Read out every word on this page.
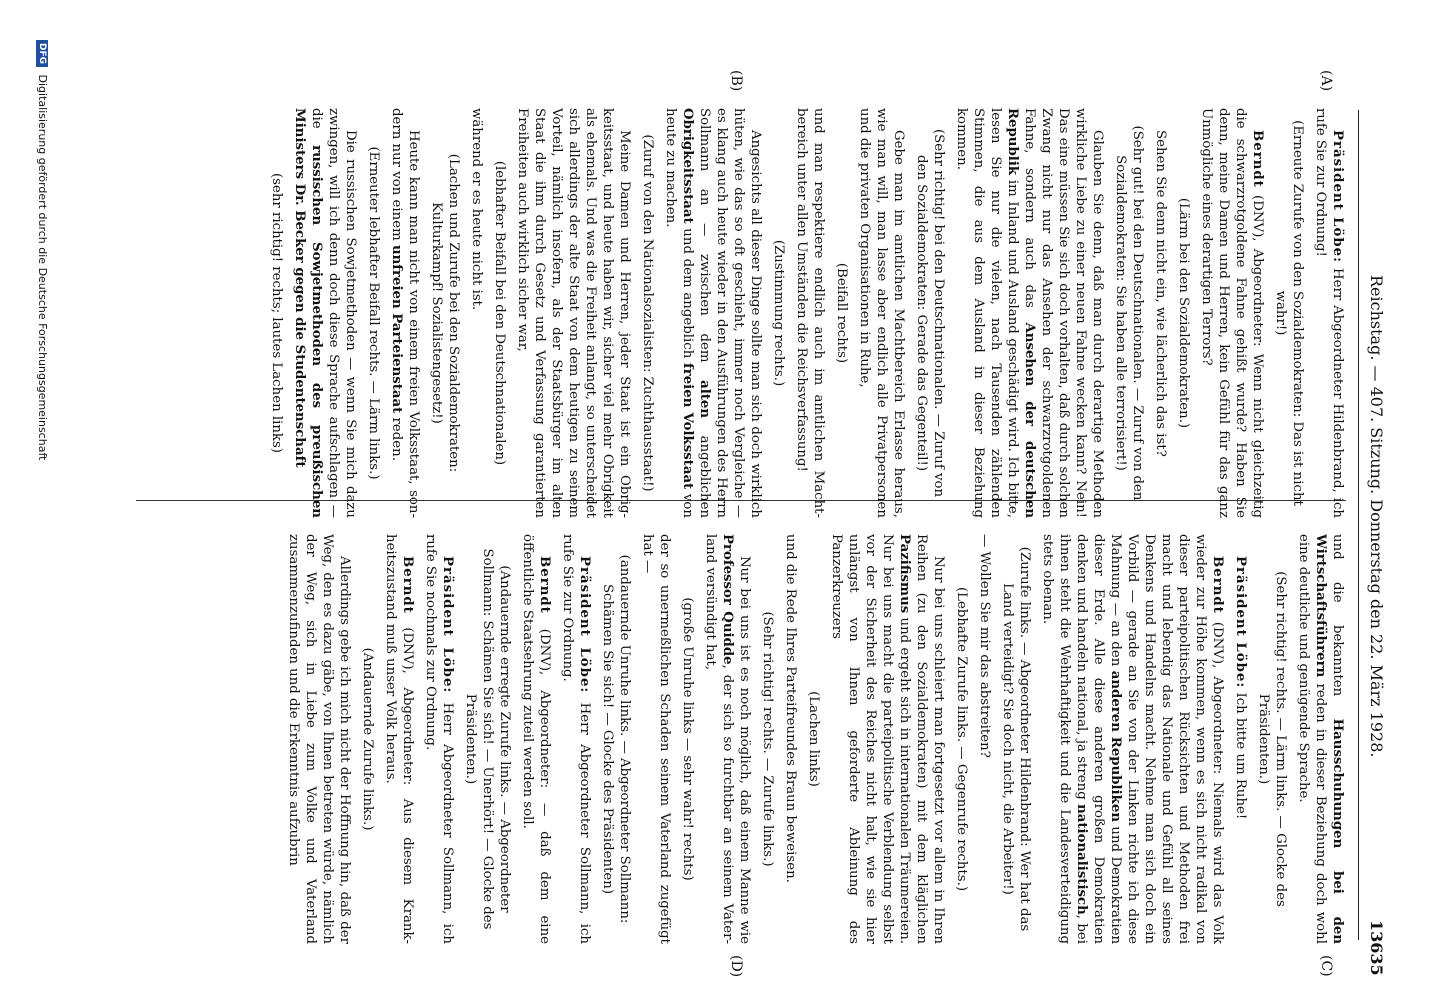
Reichstag. — 407. Sitzung. Donnerstag den 22. März 1928.
13635
(A)
(B)
(C)
(D)

Präsident Löbe: Herr Abgeordneter Hildenbrand, ich rufe Sie zur Ordnung!

(Erneute Zurufe von den Sozialdemokraten: Das ist nicht wahr!)

Berndt (DNV), Abgeordneter: Wenn nicht gleichzeitig die schwarzrotgoldene Fahne gehißt wurde? Haben Sie denn, meine Damen und Herren, kein Gefühl für das ganz Unmögliche eines derartigen Terrors?

(Lärm bei den Sozialdemokraten.)

Sehen Sie denn nicht ein, wie lächerlich das ist?

(Sehr gut! bei den Deutschnationalen. — Zuruf von den Sozialdemokraten: Sie haben alle terrorisiert!)

Glauben Sie denn, daß man durch derartige Methoden wirkliche Liebe zu einer neuen Fahne wecken kann? Nein! Das eine müssen Sie sich doch vorhalten, daß durch solchen Zwang nicht nur das Ansehen der schwarzrotgoldenen Fahne, sondern auch das Ansehen der deutschen Republik im Inland und Ausland geschädigt wird. Ich bitte, lesen Sie nur die vielen, nach Tausenden zählenden Stimmen, die aus dem Ausland in dieser Beziehung kommen.

(Sehr richtig! bei den Deutschnationalen. — Zuruf von den Sozialdemokraten: Gerade das Gegenteil!)

Gebe man im amtlichen Machtbereich Erlasse heraus, wie man will, man lasse aber endlich alle Privatpersonen und die privaten Organisationen in Ruhe,

(Beifall rechts)

und man respektiere endlich auch im amtlichen Machtbereich unter allen Umständen die Reichsverfassung!

(Zustimmung rechts.)

Angesichts all dieser Dinge sollte man sich doch wirklich hüten, wie das so oft geschieht, immer noch Vergleiche — es klang auch heute wieder in den Ausführungen des Herrn Sollmann an — zwischen dem alten angeblichen Obrigkeitsstaat und dem angeblich freien Volksstaat von heute zu machen.

(Zuruf von den Nationalsozialisten: Zuchthausstaat!)

Meine Damen und Herren, jeder Staat ist ein Obrigkeitsstaat, und heute haben wir, sicher viel mehr Obrigkeit als ehemals. Und was die Freiheit anlangt, so unterscheidet sich allerdings der alte Staat von dem heutigen zu seinem Vorteil, nämlich insofern, als der Staatsbürger im alten Staat die ihm durch Gesetz und Verfassung garantierten Freiheiten auch wirklich sicher war,

(lebhafter Beifall bei den Deutschnationalen)

während er es heute nicht ist.

(Lachen und Zurufe bei den Sozialdemokraten: Kulturkampf! Sozialistengesetz!)

Heute kann man nicht von einem freien Volksstaat, sondern nur von einem unfreien Parteienstaat reden.

(Erneuter lebhafter Beifall rechts. — Lärm links.)

Die russischen Sowjetmethoden — wenn Sie mich dazu zwingen, will ich denn doch diese Sprache aufschlagen — die russischen Sowjetmethoden des preußischen Ministers Dr. Becker gegen die Studentenschaft

(sehr richtig! rechts; lautes Lachen links)

und die bekannten Hausschuhungen bei den Wirtschaftsführern reden in dieser Beziehung doch wohl eine deutliche und genügende Sprache.

(Sehr richtig! rechts. — Lärm links. — Glocke des Präsidenten.)

Präsident Löbe: Ich bitte um Ruhe!

Berndt (DNV), Abgeordneter: Niemals wird das Volk wieder zur Höhe kommen, wenn es sich nicht radikal von dieser parteipolitischen Rücksichten und Methoden frei macht und lebendig das Nationale und Gefühl all seines Denkens und Handelns macht. Nehme man sich doch ein Vorbild — gerade an Sie von der Linken richte ich diese Mahnung — an den anderen Republiken und Demokratien dieser Erde. Alle diese anderen großen Demokratien denken und handeln national, ja streng nationalistisch, bei ihnen steht die Wehrhaftigkeit und die Landesverteidigung stets obenan.

(Zurufe links. — Abgeordneter Hildenbrand: Wer hat das Land verteidigt? Sie doch nicht, die Arbeiter!)

— Wollen Sie mir das abstreiten?

(Lebhafte Zurufe links. — Gegenrufe rechts.)

Nur bei uns schleiert man fortgesetzt vor allem in Ihren Reihen (zu den Sozialdemokraten) mit dem kläglichen Pazifismus und ergeht sich in internationalen Träumereien. Nur bei uns macht die parteipolitische Verblendung selbst vor der Sicherheit des Reiches nicht halt, wie sie hier unlängst von Ihnen geforderte Ableinung des Panzerkreuzers

(Lachen links)

und die Rede Ihres Parteifreundes Braun beweisen.

(Sehr richtig! rechts. — Zurufe links.)

Nur bei uns ist es noch möglich, daß einem Manne wie Professor Quidde, der sich so furchtbar an seinem Vaterland versündigt hat,

(große Unruhe links — sehr wahr! rechts)

der so unermeßlichen Schaden seinem Vaterland zugefügt hat —

(andauernde Unruhe links. — Abgeordneter Sollmann: Schämen Sie sich! — Glocke des Präsidenten)

Präsident Löbe: Herr Abgeordneter Sollmann, ich rufe Sie zur Ordnung.

Berndt (DNV), Abgeordneter: — daß dem eine öffentliche Staatsehrung zuteil werden soll.

(Andauernde erregte Zurufe links. — Abgeordneter Sollmann: Schämen Sie sich! — Unerhört! — Glocke des Präsidenten.)

Präsident Löbe: Herr Abgeordneter Sollmann, ich rufe Sie nochmals zur Ordnung.

Berndt (DNV), Abgeordneter: Aus diesem Krankheitszustand muß unser Volk heraus.

(Andauernde Zurufe links.)

Allerdings gebe ich mich nicht der Hoffnung hin, daß der Weg, den es dazu gäbe, von Ihnen betreten würde, nämlich der Weg, sich in Liebe zum Volke und Vaterland zusammenzufinden und die Erkenntnis aufzubrin

DFG Digitalisierung gefördert durch die Deutsche Forschungsgemeinschaft
